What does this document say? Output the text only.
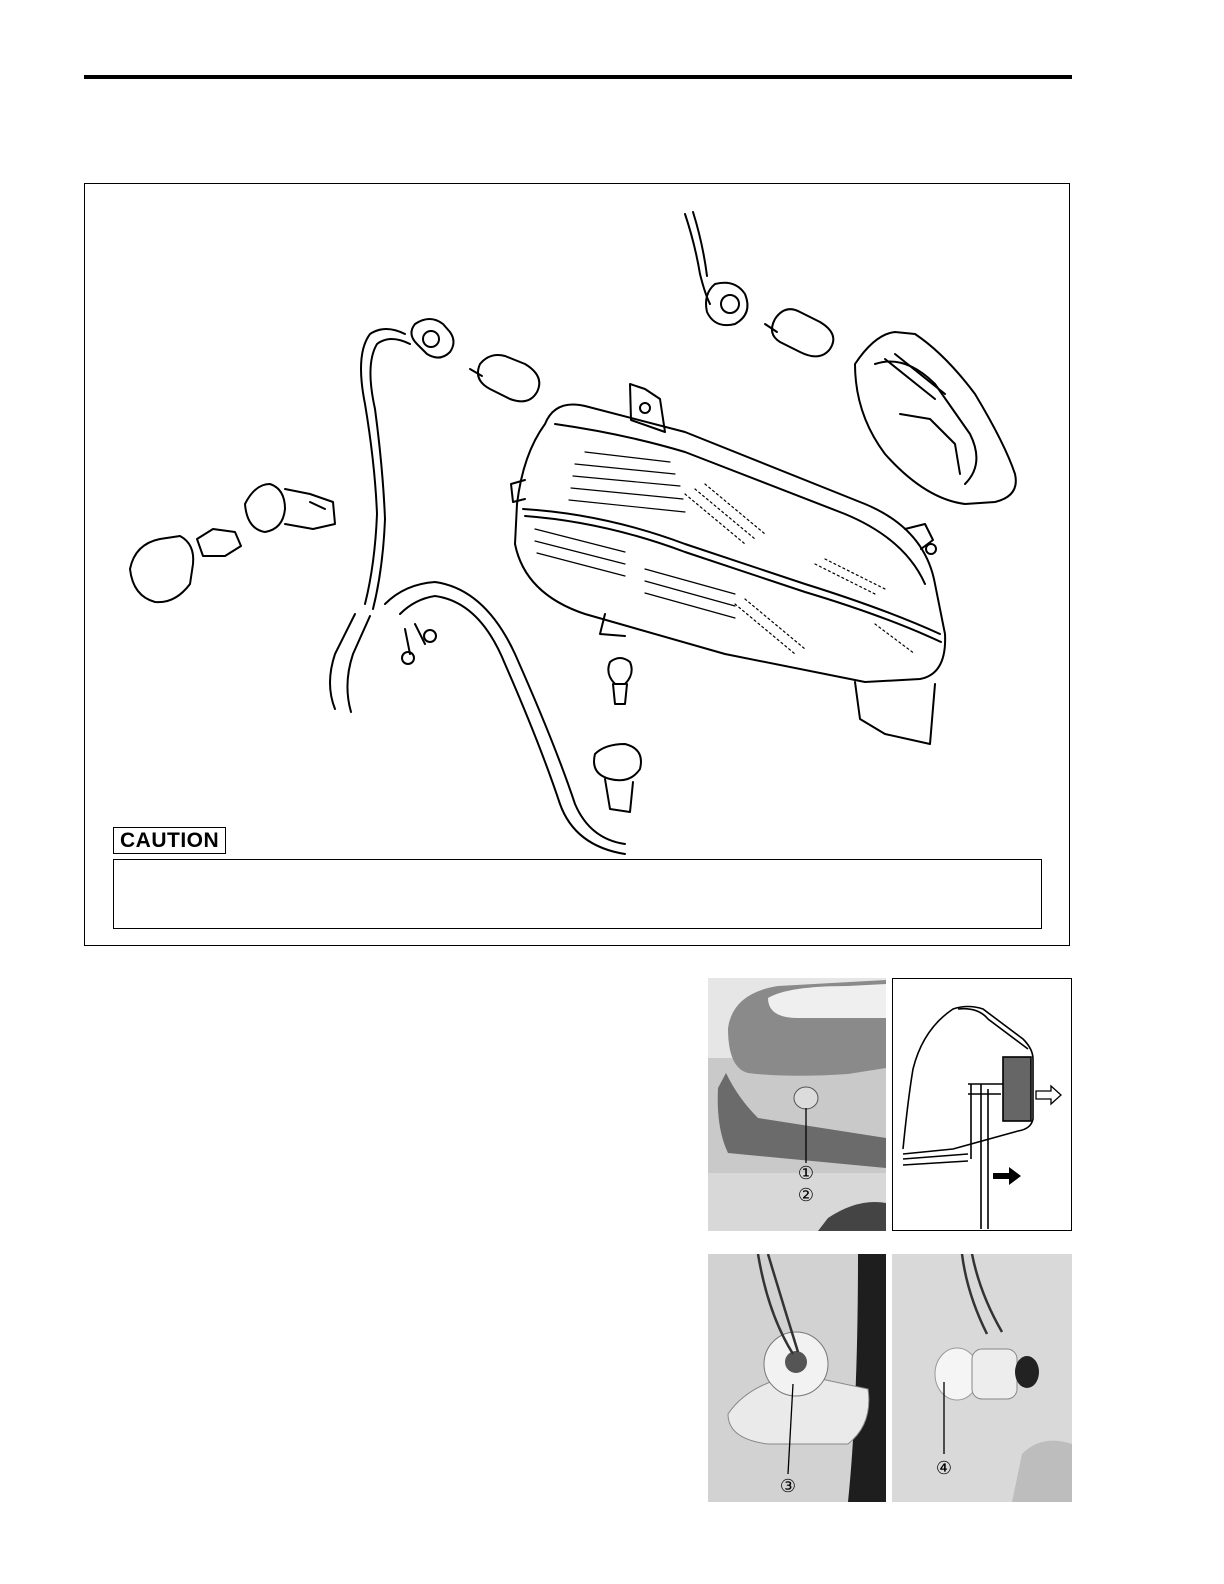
CAUTION
①
②
③
④
